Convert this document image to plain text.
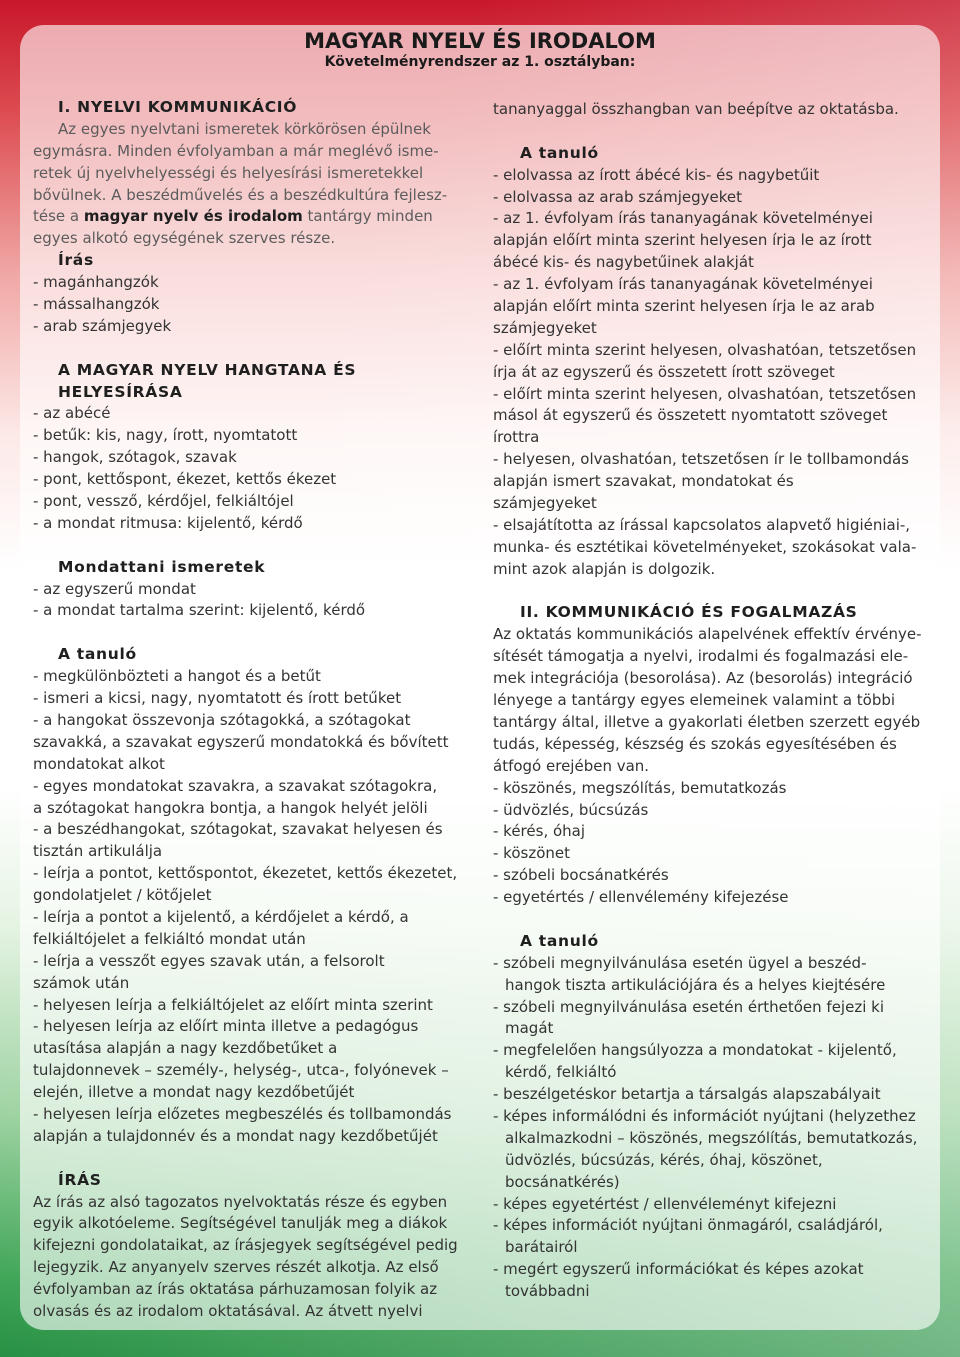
MAGYAR NYELV ÉS IRODALOM
Követelményrendszer az 1. osztályban:
I. NYELVI KOMMUNIKÁCIÓ
Az egyes nyelvtani ismeretek körkörösen épülnek
egymásra. Minden évfolyamban a már meglévő isme-
retek új nyelvhelyességi és helyesírási ismeretekkel
bővülnek. A beszédművelés és a beszédkultúra fejlesz-
tése a magyar nyelv és irodalom tantárgy minden
egyes alkotó egységének szerves része.
Írás
- magánhangzók
- mássalhangzók
- arab számjegyek
A MAGYAR NYELV HANGTANA ÉS
HELYESÍRÁSA
- az abécé
- betűk: kis, nagy, írott, nyomtatott
- hangok, szótagok, szavak
- pont, kettőspont, ékezet, kettős ékezet
- pont, vessző, kérdőjel, felkiáltójel
- a mondat ritmusa: kijelentő, kérdő
Mondattani ismeretek
- az egyszerű mondat
- a mondat tartalma szerint: kijelentő, kérdő
A tanuló
- megkülönbözteti a hangot és a betűt
- ismeri a kicsi, nagy, nyomtatott és írott betűket
- a hangokat összevonja szótagokká, a szótagokat
szavakká, a szavakat egyszerű mondatokká és bővített
mondatokat alkot
- egyes mondatokat szavakra, a szavakat szótagokra,
a szótagokat hangokra bontja, a hangok helyét jelöli
- a beszédhangokat, szótagokat, szavakat helyesen és
tisztán artikulálja
- leírja a pontot, kettőspontot, ékezetet, kettős ékezetet,
gondolatjelet / kötőjelet
- leírja a pontot a kijelentő, a kérdőjelet a kérdő, a
felkiáltójelet a felkiáltó mondat után
- leírja a vesszőt egyes szavak után, a felsorolt
számok után
- helyesen leírja a felkiáltójelet az előírt minta szerint
- helyesen leírja az előírt minta illetve a pedagógus
utasítása alapján a nagy kezdőbetűket a
tulajdonnevek – személy-, helység-, utca-, folyónevek –
elején, illetve a mondat nagy kezdőbetűjét
- helyesen leírja előzetes megbeszélés és tollbamondás
alapján a tulajdonnév és a mondat nagy kezdőbetűjét
ÍRÁS
Az írás az alsó tagozatos nyelvoktatás része és egyben
egyik alkotóeleme. Segítségével tanulják meg a diákok
kifejezni gondolataikat, az írásjegyek segítségével pedig
lejegyzik. Az anyanyelv szerves részét alkotja. Az első
évfolyamban az írás oktatása párhuzamosan folyik az
olvasás és az irodalom oktatásával. Az átvett nyelvi
tananyaggal összhangban van beépítve az oktatásba.
A tanuló
- elolvassa az írott ábécé kis- és nagybetűit
- elolvassa az arab számjegyeket
- az 1. évfolyam írás tananyagának követelményei
alapján előírt minta szerint helyesen írja le az írott
ábécé kis- és nagybetűinek alakját
- az 1. évfolyam írás tananyagának követelményei
alapján előírt minta szerint helyesen írja le az arab
számjegyeket
- előírt minta szerint helyesen, olvashatóan, tetszetősen
írja át az egyszerű és összetett írott szöveget
- előírt minta szerint helyesen, olvashatóan, tetszetősen
másol át egyszerű és összetett nyomtatott szöveget
írottra
- helyesen, olvashatóan, tetszetősen ír le tollbamondás
alapján ismert szavakat, mondatokat és
számjegyeket
- elsajátította az írással kapcsolatos alapvető higiéniai-,
munka- és esztétikai követelményeket, szokásokat vala-
mint azok alapján is dolgozik.
II. KOMMUNIKÁCIÓ ÉS FOGALMAZÁS
Az oktatás kommunikációs alapelvének effektív érvénye-
sítését támogatja a nyelvi, irodalmi és fogalmazási ele-
mek integrációja (besorolása). Az (besorolás) integráció
lényege a tantárgy egyes elemeinek valamint a többi
tantárgy által, illetve a gyakorlati életben szerzett egyéb
tudás, képesség, készség és szokás egyesítésében és
átfogó erejében van.
- köszönés, megszólítás, bemutatkozás
- üdvözlés, búcsúzás
- kérés, óhaj
- köszönet
- szóbeli bocsánatkérés
- egyetértés / ellenvélemény kifejezése
A tanuló
- szóbeli megnyilvánulása esetén ügyel a beszéd-
hangok tiszta artikulációjára és a helyes kiejtésére
- szóbeli megnyilvánulása esetén érthetően fejezi ki
magát
- megfelelően hangsúlyozza a mondatokat - kijelentő,
kérdő, felkiáltó
- beszélgetéskor betartja a társalgás alapszabályait
- képes informálódni és információt nyújtani (helyzethez
alkalmazkodni – köszönés, megszólítás, bemutatkozás,
üdvözlés, búcsúzás, kérés, óhaj, köszönet,
bocsánatkérés)
- képes egyetértést / ellenvéleményt kifejezni
- képes információt nyújtani önmagáról, családjáról,
barátairól
- megért egyszerű információkat és képes azokat
továbbadni
